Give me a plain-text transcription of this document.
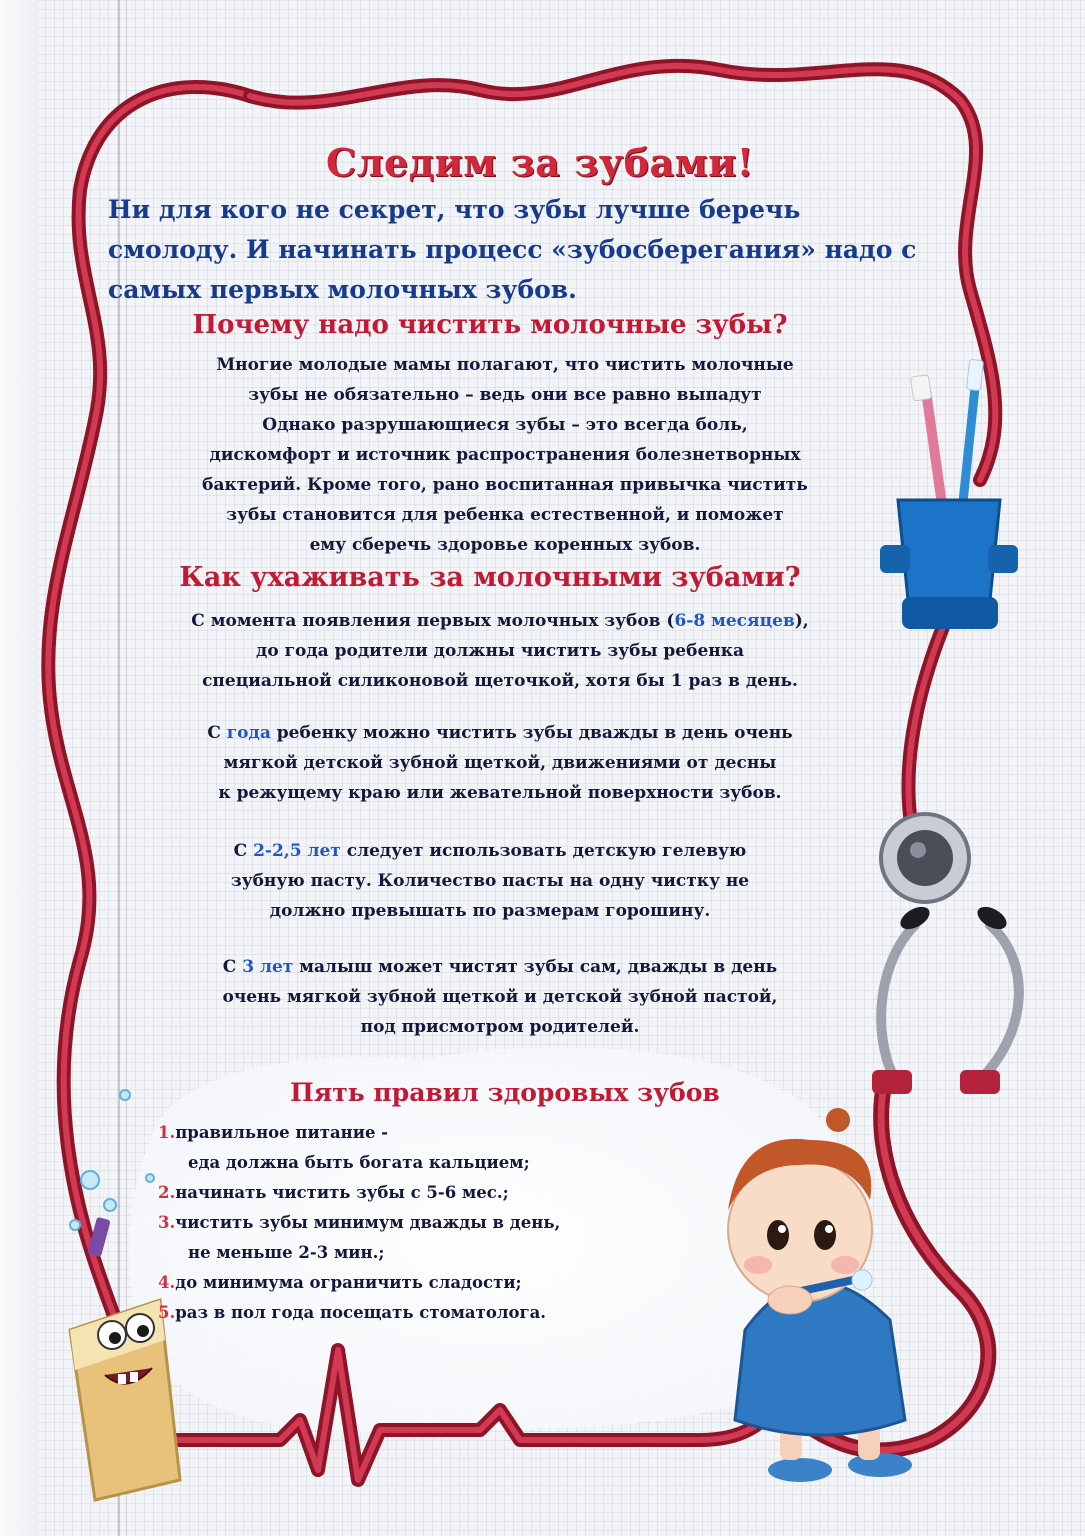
Следим за зубами!
Ни для кого не секрет, что зубы лучше беречь смолоду. И начинать процесс «зубосберегания» надо с самых первых молочных зубов.
Почему надо чистить молочные зубы?
Многие молодые мамы полагают, что чистить молочные
зубы не обязательно – ведь они все равно выпадут
Однако разрушающиеся зубы – это всегда боль,
дискомфорт и источник распространения болезнетворных
бактерий. Кроме того, рано воспитанная привычка чистить
зубы становится для ребенка естественной, и поможет
ему сберечь здоровье коренных зубов.
Как ухаживать за молочными зубами?
С момента появления первых молочных зубов (6-8 месяцев),
до года родители должны чистить зубы ребенка
специальной силиконовой щеточкой, хотя бы 1 раз в день.
С года ребенку можно чистить зубы дважды в день очень
мягкой детской зубной щеткой, движениями от десны
к режущему краю или жевательной поверхности зубов.
С 2-2,5 лет следует использовать детскую гелевую
зубную пасту. Количество пасты на одну чистку не
должно превышать по размерам горошину.
С 3 лет малыш может чистят зубы сам, дважды в день
очень мягкой зубной щеткой и детской зубной пастой,
под присмотром родителей.
Пять правил здоровых зубов
1.правильное питание -
еда должна быть богата кальцием;
2.начинать чистить зубы с 5-6 мес.;
3.чистить зубы минимум дважды в день,
не меньше 2-3 мин.;
4.до минимума ограничить сладости;
5.раз в пол года посещать стоматолога.
